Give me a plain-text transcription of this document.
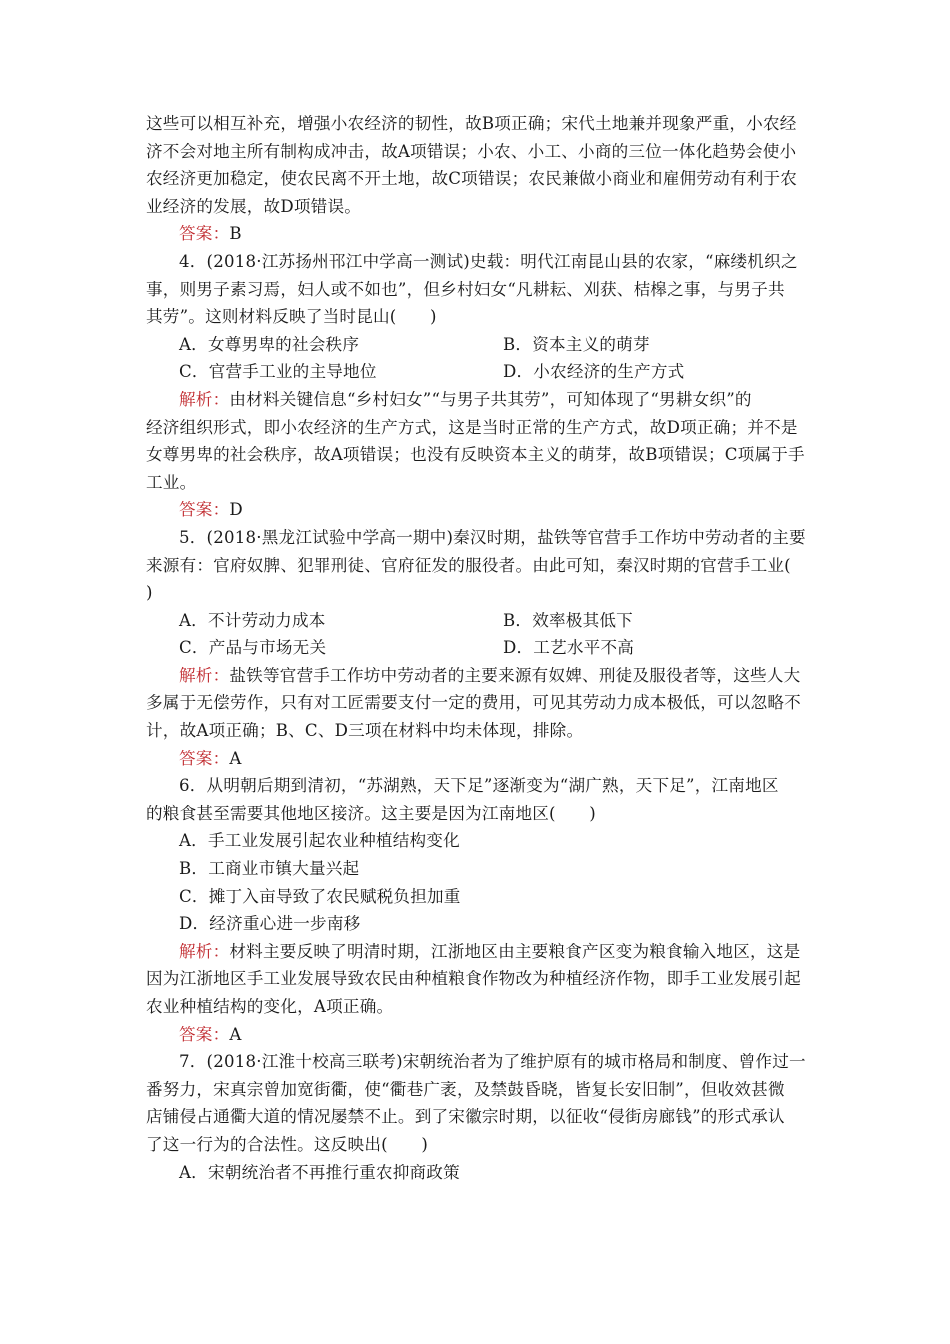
这些可以相互补充，增强小农经济的韧性，故B项正确；宋代土地兼并现象严重，小农经
济不会对地主所有制构成冲击，故A项错误；小农、小工、小商的三位一体化趋势会使小
农经济更加稳定，使农民离不开土地，故C项错误；农民兼做小商业和雇佣劳动有利于农
业经济的发展，故D项错误。
答案：B
4．(2018·江苏扬州邗江中学高一测试)史载：明代江南昆山县的农家，“麻缕机织之
事，则男子素习焉，妇人或不如也”，但乡村妇女“凡耕耘、刈获、桔槔之事，与男子共
其劳”。这则材料反映了当时昆山(　　)
A．女尊男卑的社会秩序	B．资本主义的萌芽
C．官营手工业的主导地位	D．小农经济的生产方式
解析：由材料关键信息“乡村妇女”“与男子共其劳”，可知体现了“男耕女织”的
经济组织形式，即小农经济的生产方式，这是当时正常的生产方式，故D项正确；并不是
女尊男卑的社会秩序，故A项错误；也没有反映资本主义的萌芽，故B项错误；C项属于手
工业。
答案：D
5．(2018·黑龙江试验中学高一期中)秦汉时期，盐铁等官营手工作坊中劳动者的主要
来源有：官府奴脾、犯罪刑徒、官府征发的服役者。由此可知，秦汉时期的官营手工业(
)
A．不计劳动力成本	B．效率极其低下
C．产品与市场无关	D．工艺水平不高
解析：盐铁等官营手工作坊中劳动者的主要来源有奴婢、刑徒及服役者等，这些人大
多属于无偿劳作，只有对工匠需要支付一定的费用，可见其劳动力成本极低，可以忽略不
计，故A项正确；B、C、D三项在材料中均未体现，排除。
答案：A
6．从明朝后期到清初，“苏湖熟，天下足”逐渐变为“湖广熟，天下足”，江南地区
的粮食甚至需要其他地区接济。这主要是因为江南地区(　　)
A．手工业发展引起农业种植结构变化
B．工商业市镇大量兴起
C．摊丁入亩导致了农民赋税负担加重
D．经济重心进一步南移
解析：材料主要反映了明清时期，江浙地区由主要粮食产区变为粮食输入地区，这是
因为江浙地区手工业发展导致农民由种植粮食作物改为种植经济作物，即手工业发展引起
农业种植结构的变化，A项正确。
答案：A
7．(2018·江淮十校高三联考)宋朝统治者为了维护原有的城市格局和制度、曾作过一
番努力，宋真宗曾加宽街衢，使“衢巷广袤，及禁鼓昏晓，皆复长安旧制”，但收效甚微
店铺侵占通衢大道的情况屡禁不止。到了宋徽宗时期，以征收“侵街房廊钱”的形式承认
了这一行为的合法性。这反映出(　　)
A．宋朝统治者不再推行重农抑商政策
